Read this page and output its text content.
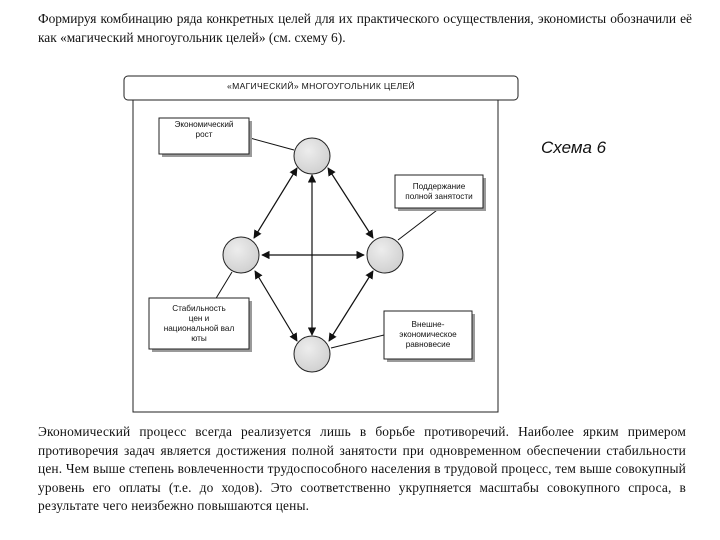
Формируя комбинацию ряда конкретных целей для их практического осуществления, экономисты обозначили её как «магический многоугольник целей» (см. схему 6).

«МАГИЧЕСКИЙ» МНОГОУГОЛЬНИК ЦЕЛЕЙ
Схема 6
Экономический
рост
Поддержание
полной занятости
Стабильность
цен и
национальной вал
юты
Внешне-
экономическое
равновесие

Экономический процесс всегда реализуется лишь в борьбе противоречий. Наиболее ярким примером противоречия задач является достижения полной занятости при одновременном обеспечении стабильности цен. Чем выше степень вовлеченности трудоспособного населения в трудовой процесс, тем выше совокупный уровень его оплаты (т.е. до ходов). Это соответственно укрупняется масштабы совокупного спроса, в результате чего неизбежно повышаются цены.
